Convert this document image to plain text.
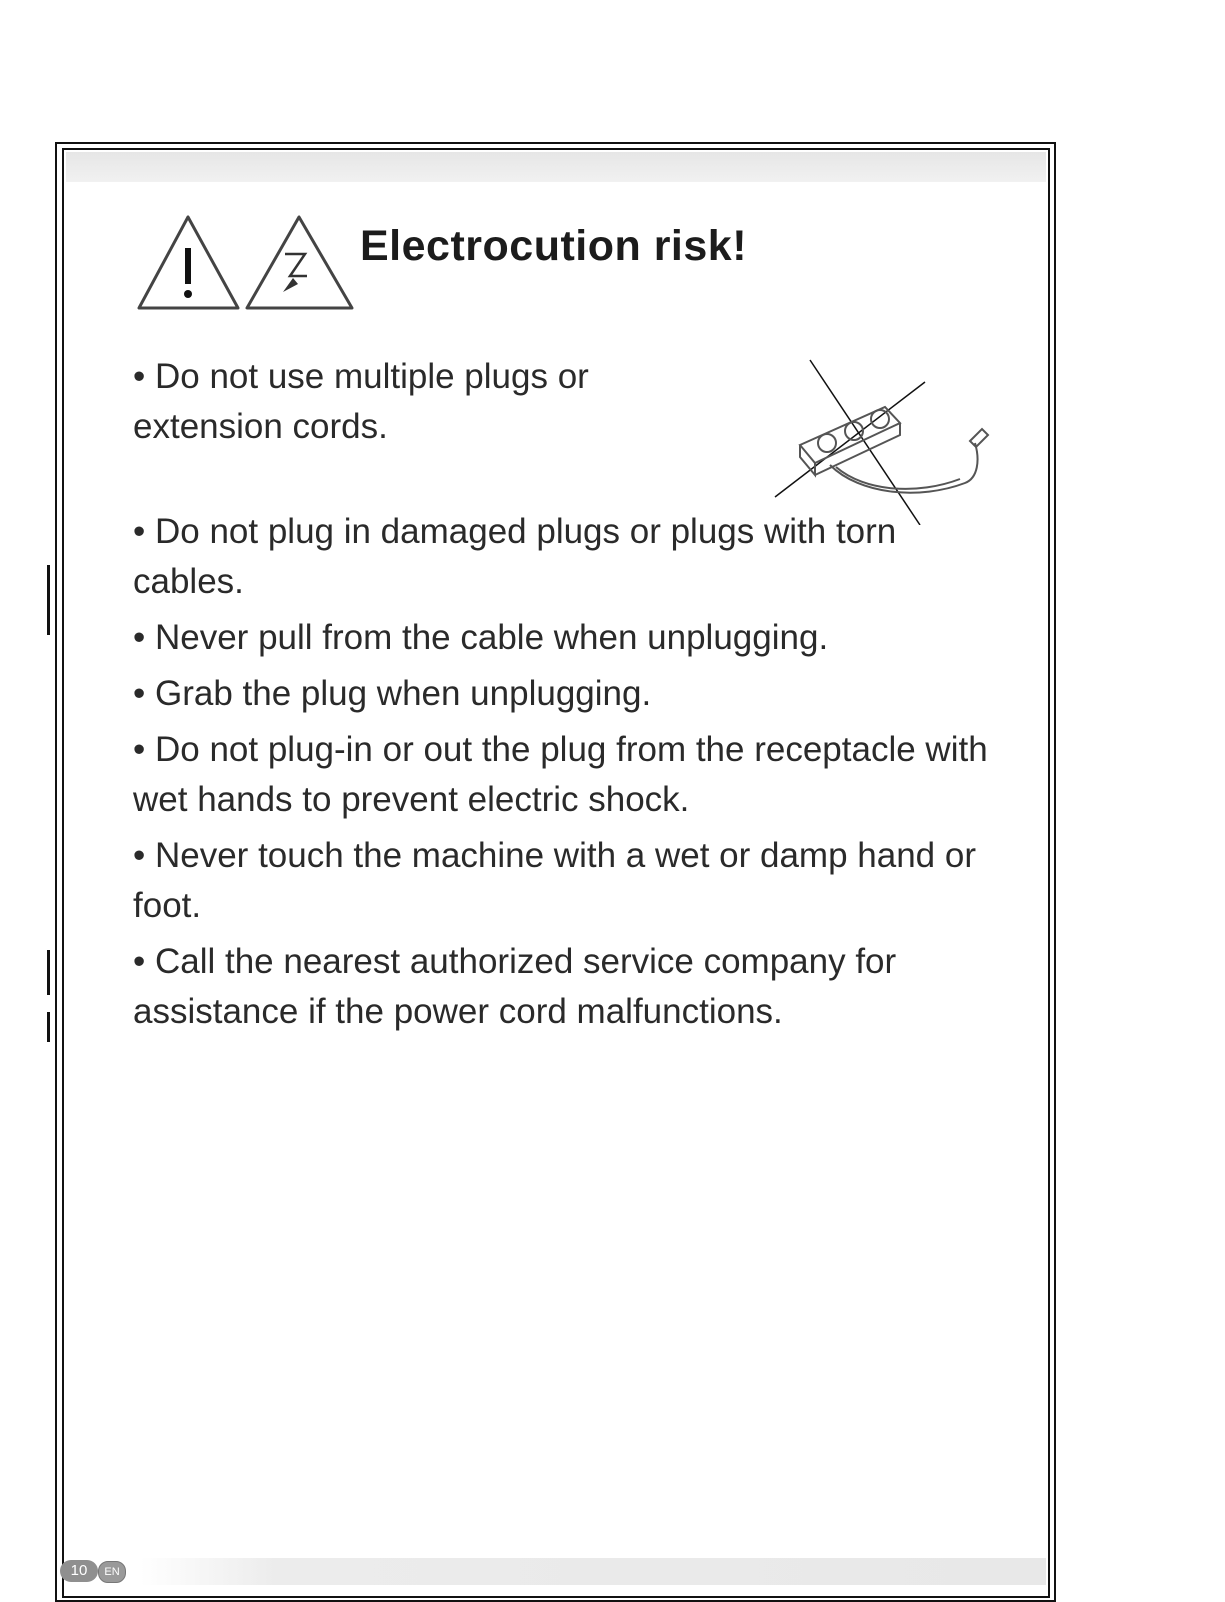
Electrocution risk!

• Do not use multiple plugs or extension cords.

• Do not plug in damaged plugs or plugs with torn cables.

• Never pull from the cable when unplugging.

• Grab the plug when unplugging.

• Do not plug-in or out the plug from the receptacle with wet hands to prevent electric shock.

• Never touch the machine with a wet or damp hand or foot.

• Call the nearest authorized service company for assistance if the power cord malfunctions.

10	EN
